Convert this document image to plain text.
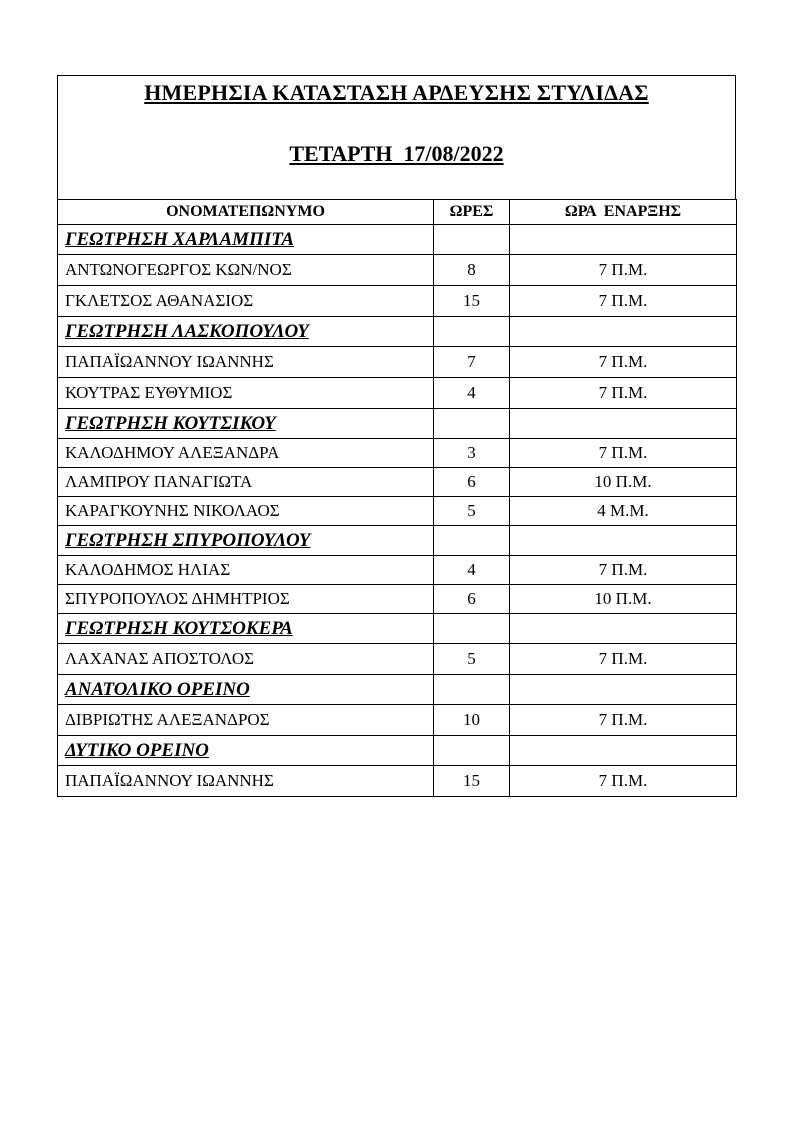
ΗΜΕΡΗΣΙΑ ΚΑΤΑΣΤΑΣΗ ΑΡΔΕΥΣΗΣ ΣΤΥΛΙΔΑΣ
ΤΕΤΑΡΤΗ  17/08/2022
ΟΝΟΜΑΤΕΠΩΝΥΜΟ	ΩΡΕΣ	ΩΡΑ  ΕΝΑΡΞΗΣ
ΓΕΩΤΡΗΣΗ ΧΑΡΛΑΜΠΙΤΑ		
ΑΝΤΩΝΟΓΕΩΡΓΟΣ ΚΩΝ/ΝΟΣ	8	7 Π.Μ.
ΓΚΛΕΤΣΟΣ ΑΘΑΝΑΣΙΟΣ	15	7 Π.Μ.
ΓΕΩΤΡΗΣΗ ΛΑΣΚΟΠΟΥΛΟΥ		
ΠΑΠΑΪΩΑΝΝΟΥ ΙΩΑΝΝΗΣ	7	7 Π.Μ.
ΚΟΥΤΡΑΣ ΕΥΘΥΜΙΟΣ	4	7 Π.Μ.
ΓΕΩΤΡΗΣΗ ΚΟΥΤΣΙΚΟΥ		
ΚΑΛΟΔΗΜΟΥ ΑΛΕΞΑΝΔΡΑ	3	7 Π.Μ.
ΛΑΜΠΡΟΥ ΠΑΝΑΓΙΩΤΑ	6	10 Π.Μ.
ΚΑΡΑΓΚΟΥΝΗΣ ΝΙΚΟΛΑΟΣ	5	4 Μ.Μ.
ΓΕΩΤΡΗΣΗ ΣΠΥΡΟΠΟΥΛΟΥ		
ΚΑΛΟΔΗΜΟΣ ΗΛΙΑΣ	4	7 Π.Μ.
ΣΠΥΡΟΠΟΥΛΟΣ ΔΗΜΗΤΡΙΟΣ	6	10 Π.Μ.
ΓΕΩΤΡΗΣΗ ΚΟΥΤΣΟΚΕΡΑ		
ΛΑΧΑΝΑΣ ΑΠΟΣΤΟΛΟΣ	5	7 Π.Μ.
ΑΝΑΤΟΛΙΚΟ ΟΡΕΙΝΟ		
ΔΙΒΡΙΩΤΗΣ ΑΛΕΞΑΝΔΡΟΣ	10	7 Π.Μ.
ΔΥΤΙΚΟ ΟΡΕΙΝΟ		
ΠΑΠΑΪΩΑΝΝΟΥ ΙΩΑΝΝΗΣ	15	7 Π.Μ.
